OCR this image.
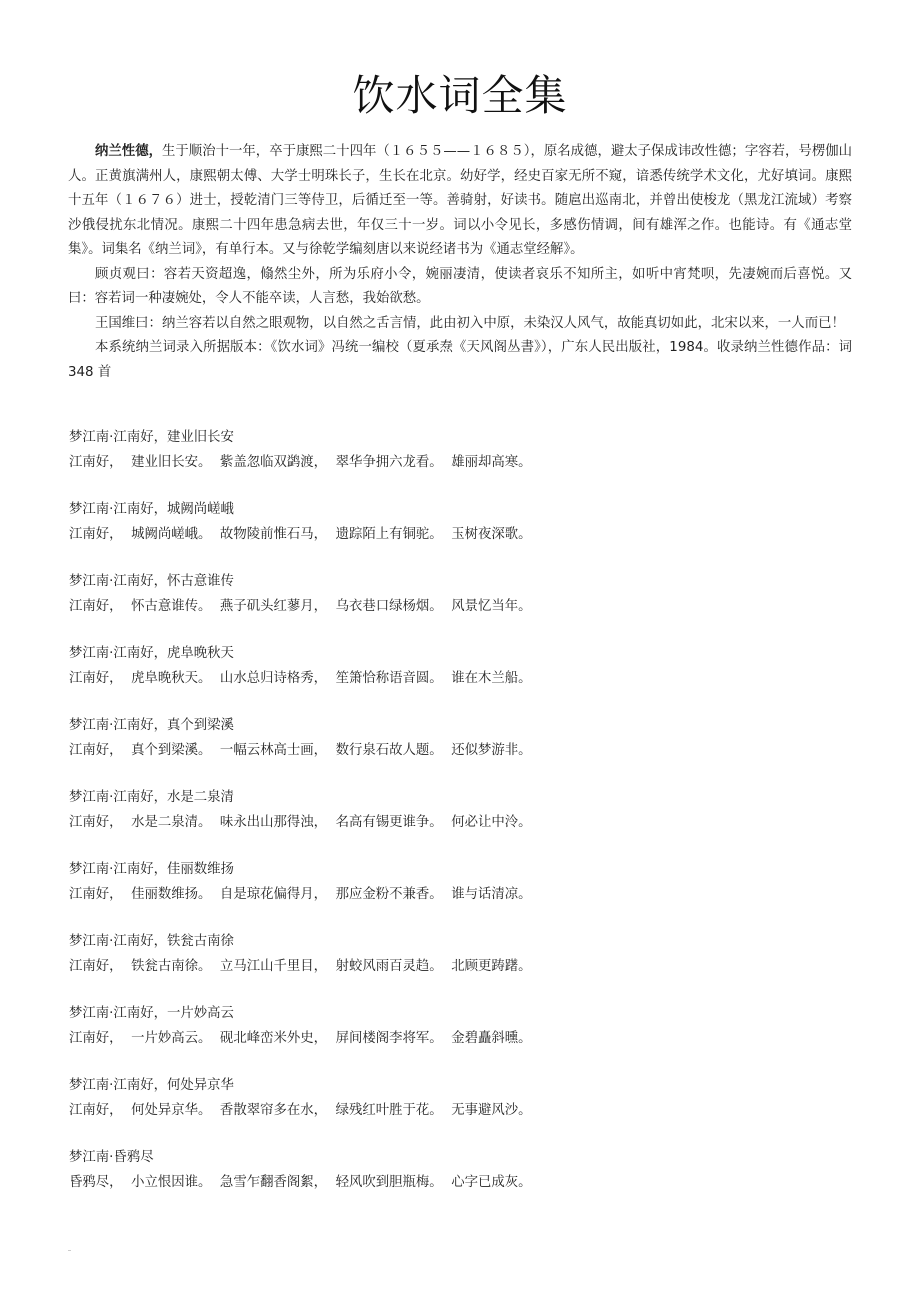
饮水词全集

纳兰性德，生于顺治十一年，卒于康熙二十四年（１６５５——１６８５），原名成德，避太子保成讳改性德；字容若，号楞伽山人。正黄旗满州人，康熙朝太傅、大学士明珠长子，生长在北京。幼好学，经史百家无所不窥，谙悉传统学术文化，尤好填词。康熙十五年（１６７６）进士，授乾清门三等侍卫，后循迁至一等。善骑射，好读书。随扈出巡南北，并曾出使梭龙（黑龙江流域）考察沙俄侵扰东北情况。康熙二十四年患急病去世，年仅三十一岁。词以小令见长，多感伤情调，间有雄浑之作。也能诗。有《通志堂集》。词集名《纳兰词》，有单行本。又与徐乾学编刻唐以来说经诸书为《通志堂经解》。

顾贞观曰：容若天资超逸，翛然尘外，所为乐府小令，婉丽凄清，使读者哀乐不知所主，如听中宵梵呗，先凄婉而后喜悦。又曰：容若词一种凄婉处，令人不能卒读，人言愁，我始欲愁。

王国维曰：纳兰容若以自然之眼观物，以自然之舌言情，此由初入中原，未染汉人风气，故能真切如此，北宋以来，一人而已！

本系统纳兰词录入所据版本：《饮水词》冯统一编校（夏承焘《天风阁丛書》），广东人民出版社，1984。收录纳兰性德作品：词 348 首

梦江南·江南好，建业旧长安
江南好，  建业旧长安。  紫盖忽临双鹢渡，  翠华争拥六龙看。  雄丽却高寒。
梦江南·江南好，城阙尚嵯峨
江南好，  城阙尚嵯峨。  故物陵前惟石马，  遗踪陌上有铜驼。  玉树夜深歌。
梦江南·江南好，怀古意谁传
江南好，  怀古意谁传。  燕子矶头红蓼月，  乌衣巷口绿杨烟。  风景忆当年。
梦江南·江南好，虎阜晚秋天
江南好，  虎阜晚秋天。  山水总归诗格秀，  笙箫恰称语音圆。  谁在木兰船。
梦江南·江南好，真个到梁溪
江南好，  真个到梁溪。  一幅云林高士画，  数行泉石故人题。  还似梦游非。
梦江南·江南好，水是二泉清
江南好，  水是二泉清。  味永出山那得浊，  名高有锡更谁争。  何必让中泠。
梦江南·江南好，佳丽数维扬
江南好，  佳丽数维扬。  自是琼花偏得月，  那应金粉不兼香。  谁与话清凉。
梦江南·江南好，铁瓮古南徐
江南好，  铁瓮古南徐。  立马江山千里目，  射蛟风雨百灵趋。  北顾更踌躇。
梦江南·江南好，一片妙高云
江南好，  一片妙高云。  砚北峰峦米外史，  屏间楼阁李将军。  金碧矗斜曛。
梦江南·江南好，何处异京华
江南好，  何处异京华。  香散翠帘多在水，  绿残红叶胜于花。  无事避风沙。
梦江南·昏鸦尽
昏鸦尽，  小立恨因谁。  急雪乍翻香阁絮，  轻风吹到胆瓶梅。  心字已成灰。
